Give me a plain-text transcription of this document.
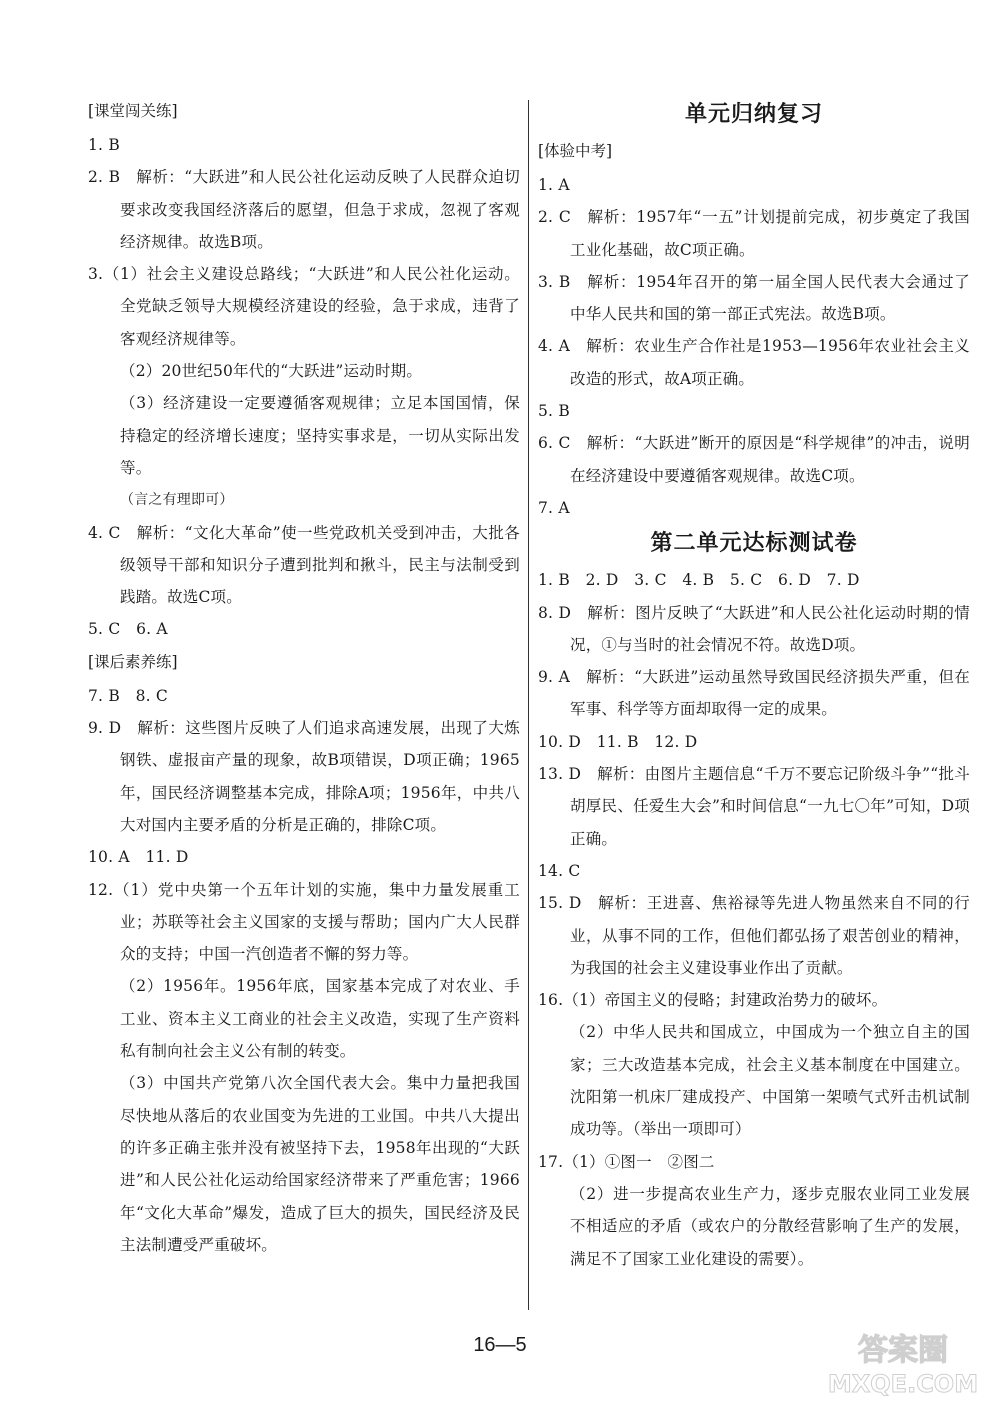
[课堂闯关练]
1. B
2. B　解析：“大跃进”和人民公社化运动反映了人民群众迫切要求改变我国经济落后的愿望，但急于求成，忽视了客观经济规律。故选B项。
3.（1）社会主义建设总路线；“大跃进”和人民公社化运动。全党缺乏领导大规模经济建设的经验，急于求成，违背了客观经济规律等。
（2）20世纪50年代的“大跃进”运动时期。
（3）经济建设一定要遵循客观规律；立足本国国情，保持稳定的经济增长速度；坚持实事求是，一切从实际出发等。
（言之有理即可）
4. C　解析：“文化大革命”使一些党政机关受到冲击，大批各级领导干部和知识分子遭到批判和揪斗，民主与法制受到践踏。故选C项。
5. C　6. A
[课后素养练]
7. B　8. C
9. D　解析：这些图片反映了人们追求高速发展，出现了大炼钢铁、虚报亩产量的现象，故B项错误，D项正确；1965年，国民经济调整基本完成，排除A项；1956年，中共八大对国内主要矛盾的分析是正确的，排除C项。
10. A　11. D
12.（1）党中央第一个五年计划的实施，集中力量发展重工业；苏联等社会主义国家的支援与帮助；国内广大人民群众的支持；中国一汽创造者不懈的努力等。
（2）1956年。1956年底，国家基本完成了对农业、手工业、资本主义工商业的社会主义改造，实现了生产资料私有制向社会主义公有制的转变。
（3）中国共产党第八次全国代表大会。集中力量把我国尽快地从落后的农业国变为先进的工业国。中共八大提出的许多正确主张并没有被坚持下去，1958年出现的“大跃进”和人民公社化运动给国家经济带来了严重危害；1966年“文化大革命”爆发，造成了巨大的损失，国民经济及民主法制遭受严重破坏。
单元归纳复习
[体验中考]
1. A
2. C　解析：1957年“一五”计划提前完成，初步奠定了我国工业化基础，故C项正确。
3. B　解析：1954年召开的第一届全国人民代表大会通过了中华人民共和国的第一部正式宪法。故选B项。
4. A　解析：农业生产合作社是1953—1956年农业社会主义改造的形式，故A项正确。
5. B
6. C　解析：“大跃进”断开的原因是“科学规律”的冲击，说明在经济建设中要遵循客观规律。故选C项。
7. A
第二单元达标测试卷
1. B　2. D　3. C　4. B　5. C　6. D　7. D
8. D　解析：图片反映了“大跃进”和人民公社化运动时期的情况，①与当时的社会情况不符。故选D项。
9. A　解析：“大跃进”运动虽然导致国民经济损失严重，但在军事、科学等方面却取得一定的成果。
10. D　11. B　12. D
13. D　解析：由图片主题信息“千万不要忘记阶级斗争”“批斗胡厚民、任爱生大会”和时间信息“一九七〇年”可知，D项正确。
14. C
15. D　解析：王进喜、焦裕禄等先进人物虽然来自不同的行业，从事不同的工作，但他们都弘扬了艰苦创业的精神，为我国的社会主义建设事业作出了贡献。
16.（1）帝国主义的侵略；封建政治势力的破坏。
（2）中华人民共和国成立，中国成为一个独立自主的国家；三大改造基本完成，社会主义基本制度在中国建立。沈阳第一机床厂建成投产、中国第一架喷气式歼击机试制成功等。（举出一项即可）
17.（1）①图一　②图二
（2）进一步提高农业生产力，逐步克服农业同工业发展不相适应的矛盾（或农户的分散经营影响了生产的发展，满足不了国家工业化建设的需要）。
16—5	答案圈
MXQE.COM
